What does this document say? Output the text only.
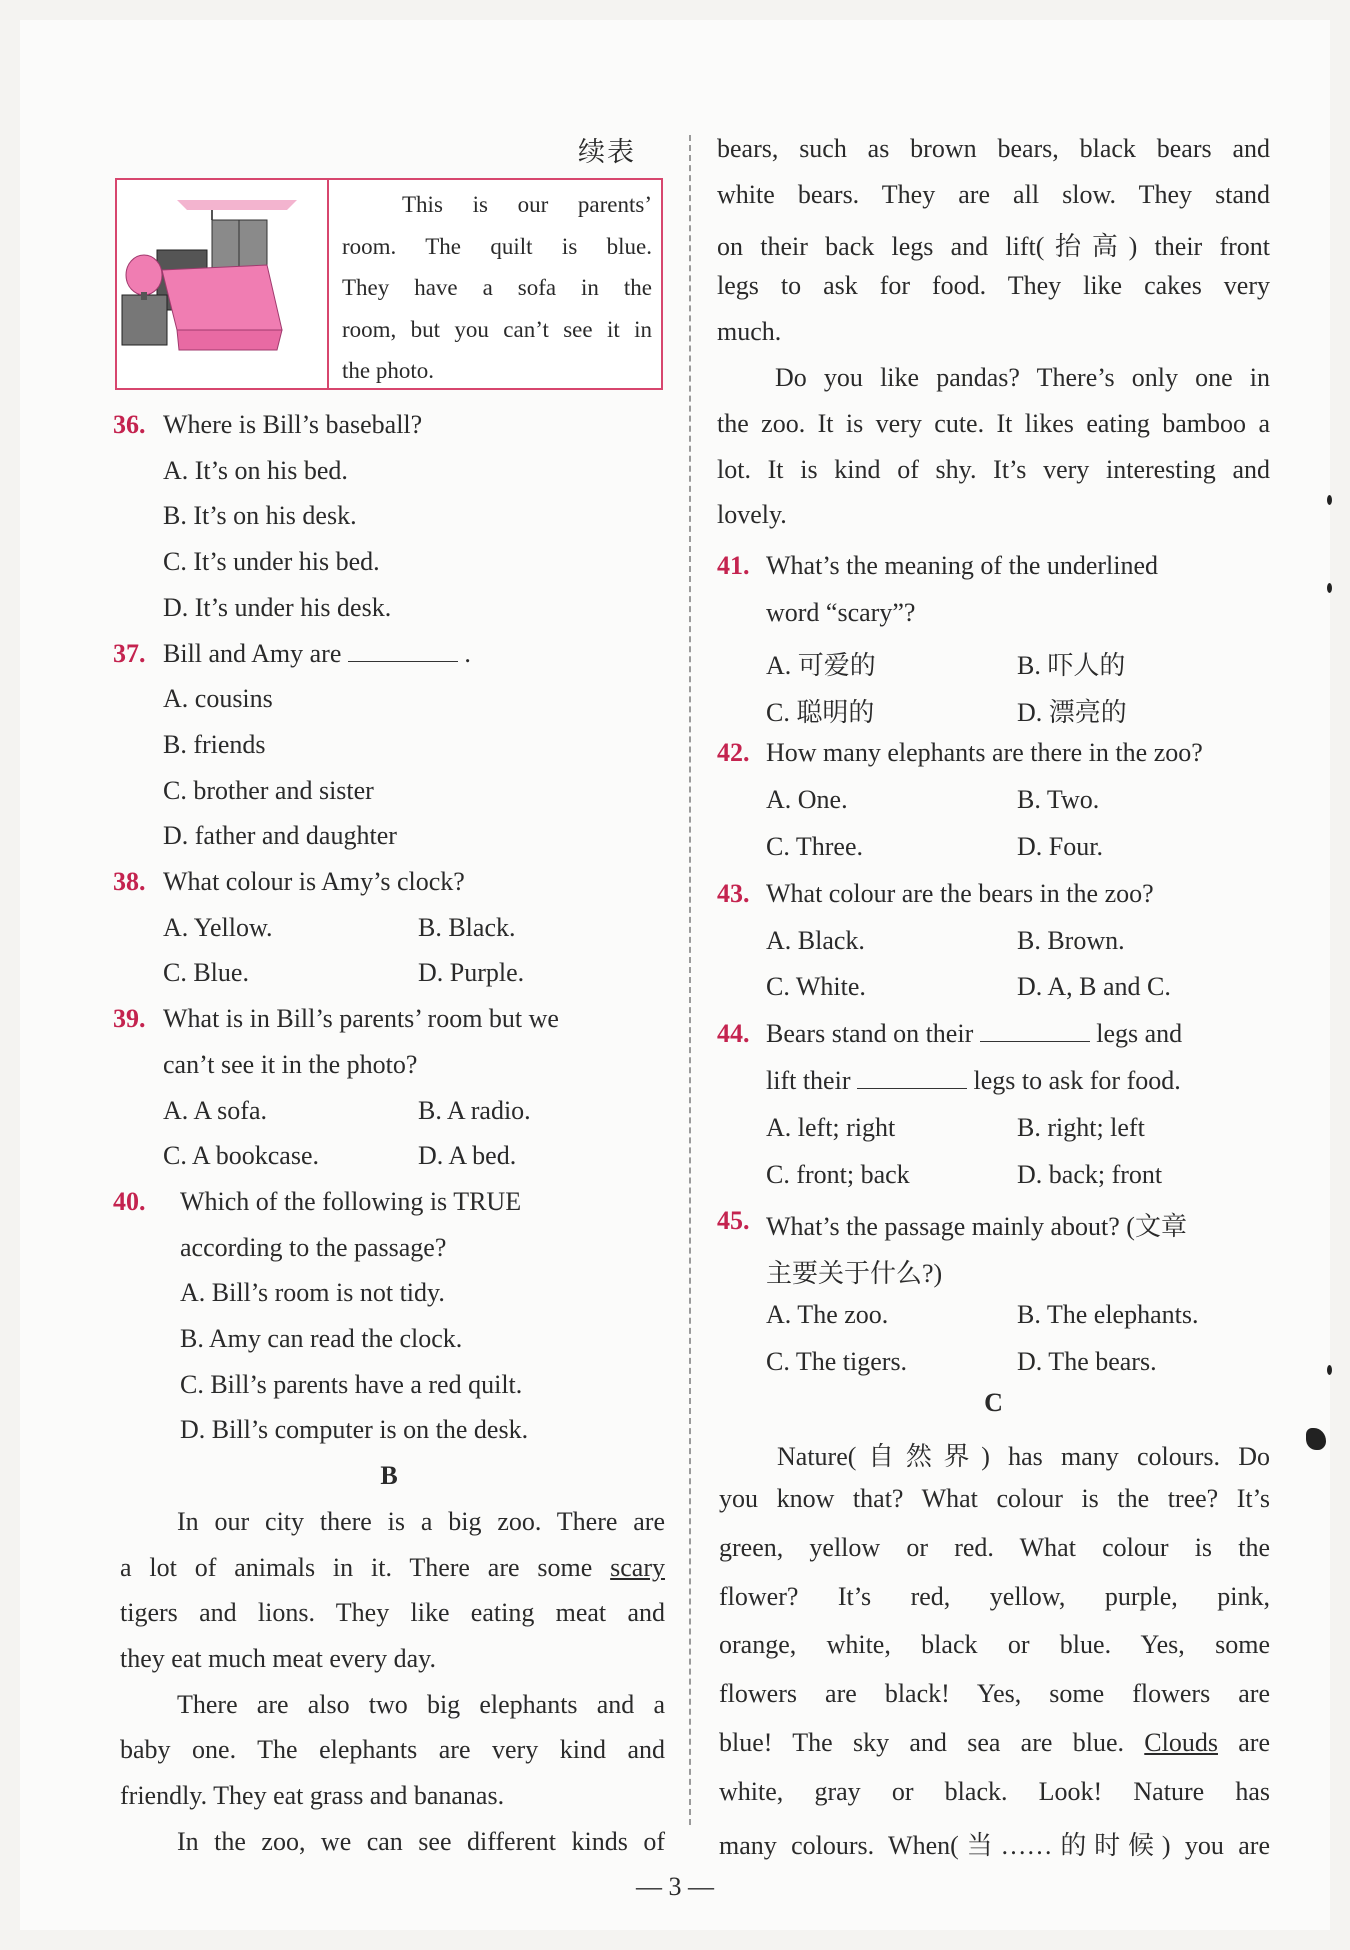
续表
This is our parents’
room. The quilt is blue.
They have a sofa in the
room, but you can’t see it in
the photo.
36. Where is Bill’s baseball?
A. It’s on his bed.
B. It’s on his desk.
C. It’s under his bed.
D. It’s under his desk.
37. Bill and Amy are	.
A. cousins
B. friends
C. brother and sister
D. father and daughter
38. What colour is Amy’s clock?
A. Yellow.	B. Black.
C. Blue.	D. Purple.
39. What is in Bill’s parents’ room but we
can’t see it in the photo?
A. A sofa.	B. A radio.
C. A bookcase.	D. A bed.
40. Which of the following is TRUE
according to the passage?
A. Bill’s room is not tidy.
B. Amy can read the clock.
C. Bill’s parents have a red quilt.
D. Bill’s computer is on the desk.
B
In our city there is a big zoo. There are
a lot of animals in it. There are some scary
tigers and lions. They like eating meat and
they eat much meat every day.
There are also two big elephants and a
baby one. The elephants are very kind and
friendly. They eat grass and bananas.
In the zoo, we can see different kinds of
bears, such as brown bears, black bears and
white bears. They are all slow. They stand
on their back legs and lift(抬高) their front
legs to ask for food. They like cakes very
much.
Do you like pandas? There’s only one in
the zoo. It is very cute. It likes eating bamboo a
lot. It is kind of shy. It’s very interesting and
lovely.
41. What’s the meaning of the underlined
word “scary”?
A. 可爱的	B. 吓人的
C. 聪明的	D. 漂亮的
42. How many elephants are there in the zoo?
A. One.	B. Two.
C. Three.	D. Four.
43. What colour are the bears in the zoo?
A. Black.	B. Brown.
C. White.	D. A, B and C.
44. Bears stand on their	legs and
lift their	legs to ask for food.
A. left; right	B. right; left
C. front; back	D. back; front
45. What’s the passage mainly about? (文章
主要关于什么?)
A. The zoo.	B. The elephants.
C. The tigers.	D. The bears.
C
Nature(自然界) has many colours. Do
you know that? What colour is the tree? It’s
green, yellow or red. What colour is the
flower? It’s red, yellow, purple, pink,
orange, white, black or blue. Yes, some
flowers are black! Yes, some flowers are
blue! The sky and sea are blue. Clouds are
white, gray or black. Look! Nature has
many colours. When(当……的时候) you are
— 3 —
